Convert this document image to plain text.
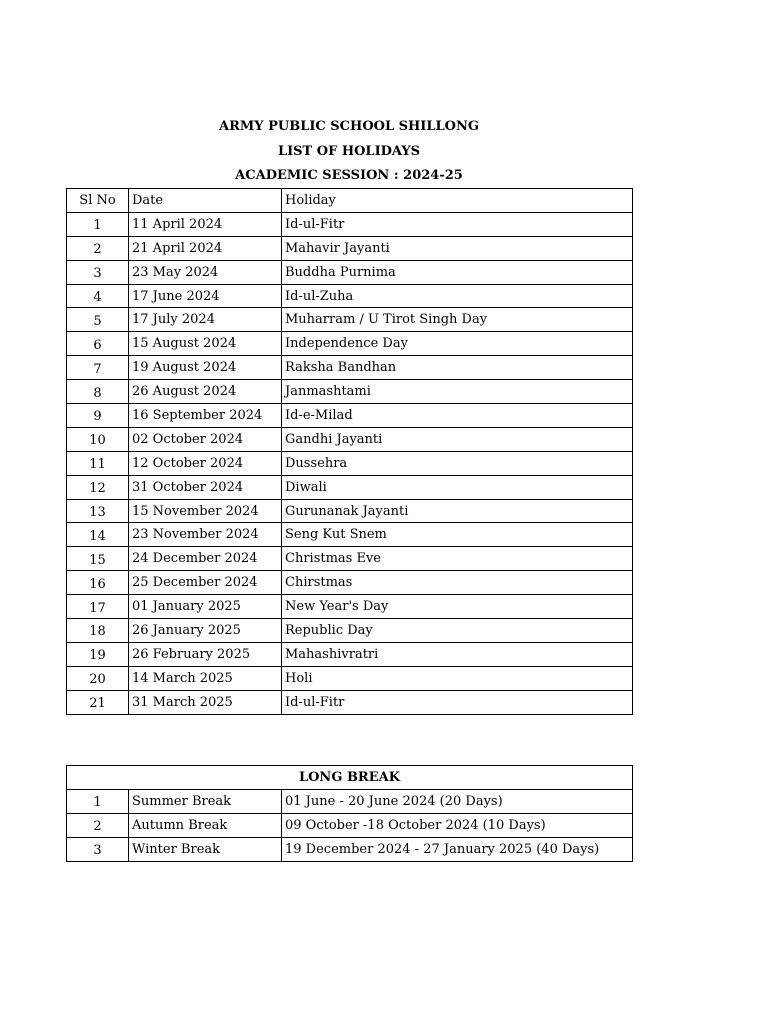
ARMY PUBLIC SCHOOL SHILLONG
LIST OF HOLIDAYS
ACADEMIC SESSION : 2024-25
Sl No	Date	Holiday
1	11 April 2024	Id-ul-Fitr
2	21 April 2024	Mahavir Jayanti
3	23 May 2024	Buddha Purnima
4	17 June 2024	Id-ul-Zuha
5	17 July 2024	Muharram / U Tirot Singh Day
6	15 August 2024	Independence Day
7	19 August 2024	Raksha Bandhan
8	26 August 2024	Janmashtami
9	16 September 2024	Id-e-Milad
10	02 October 2024	Gandhi Jayanti
11	12 October 2024	Dussehra
12	31 October 2024	Diwali
13	15 November 2024	Gurunanak Jayanti
14	23 November 2024	Seng Kut Snem
15	24 December 2024	Christmas Eve
16	25 December 2024	Chirstmas
17	01 January 2025	New Year's Day
18	26 January 2025	Republic Day
19	26 February 2025	Mahashivratri
20	14 March 2025	Holi
21	31 March 2025	Id-ul-Fitr
LONG BREAK		
1	Summer Break	01 June - 20 June 2024 (20 Days)
2	Autumn Break	09 October -18 October 2024 (10 Days)
3	Winter Break	19 December 2024 - 27 January 2025 (40 Days)
